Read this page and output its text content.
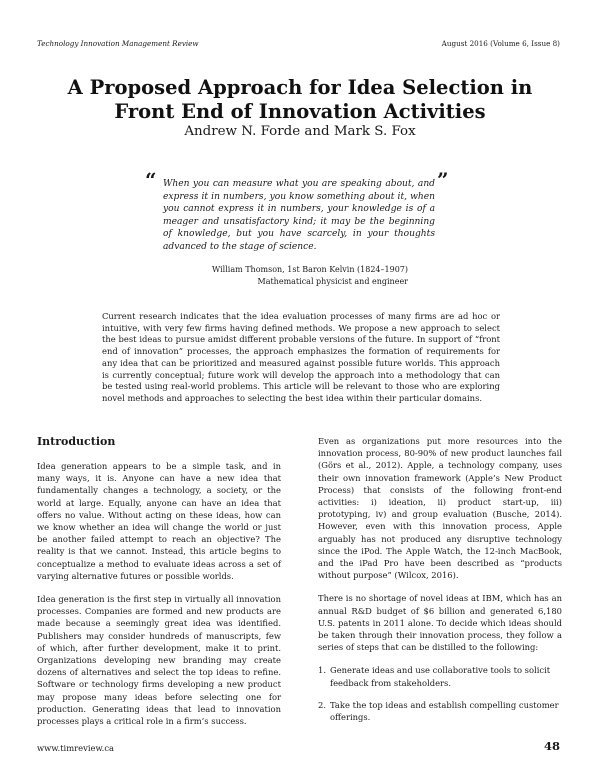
Technology Innovation Management Review	August 2016 (Volume 6, Issue 8)
A Proposed Approach for Idea Selection in
Front End of Innovation Activities
Andrew N. Forde and Mark S. Fox
“	”
When you can measure what you are speaking about, and express it in numbers, you know something about it, when you cannot express it in numbers, your knowledge is of a meager and unsatisfactory kind; it may be the beginning of knowledge, but you have scarcely, in your thoughts advanced to the stage of science.
William Thomson, 1st Baron Kelvin (1824–1907)
Mathematical physicist and engineer
Current research indicates that the idea evaluation processes of many firms are ad hoc or intuitive, with very few firms having defined methods. We propose a new approach to select the best ideas to pursue amidst different probable versions of the future. In support of “front end of innovation” processes, the approach emphasizes the formation of requirements for any idea that can be prioritized and measured against possible future worlds. This approach is currently conceptual; future work will develop the approach into a methodology that can be tested using real-world problems. This article will be relevant to those who are exploring novel methods and approaches to selecting the best idea within their particular domains.
Introduction

Idea generation appears to be a simple task, and in many ways, it is. Anyone can have a new idea that fundamentally changes a technology, a society, or the world at large. Equally, anyone can have an idea that offers no value. Without acting on these ideas, how can we know whether an idea will change the world or just be another failed attempt to reach an objective? The reality is that we cannot. Instead, this article begins to conceptualize a method to evaluate ideas across a set of varying alternative futures or possible worlds.

Idea generation is the first step in virtually all innovation processes. Companies are formed and new products are made because a seemingly great idea was identified. Publishers may consider hundreds of manuscripts, few of which, after further development, make it to print. Organizations developing new branding may create dozens of alternatives and select the top ideas to refine. Software or technology firms developing a new product may propose many ideas before selecting one for production. Generating ideas that lead to innovation processes plays a critical role in a firm’s success.

Even as organizations put more resources into the innovation process, 80-90% of new product launches fail (Görs et al., 2012). Apple, a technology company, uses their own innovation framework (Apple’s New Product Process) that consists of the following front-end activities: i) ideation, ii) product start-up, iii) prototyping, iv) and group evaluation (Busche, 2014). However, even with this innovation process, Apple arguably has not produced any disruptive technology since the iPod. The Apple Watch, the 12-inch MacBook, and the iPad Pro have been described as “products without purpose” (Wilcox, 2016).

There is no shortage of novel ideas at IBM, which has an annual R&D budget of $6 billion and generated 6,180 U.S. patents in 2011 alone. To decide which ideas should be taken through their innovation process, they follow a series of steps that can be distilled to the following:

1. Generate ideas and use collaborative tools to solicit feedback from stakeholders.
2. Take the top ideas and establish compelling customer offerings.
www.timreview.ca	48
